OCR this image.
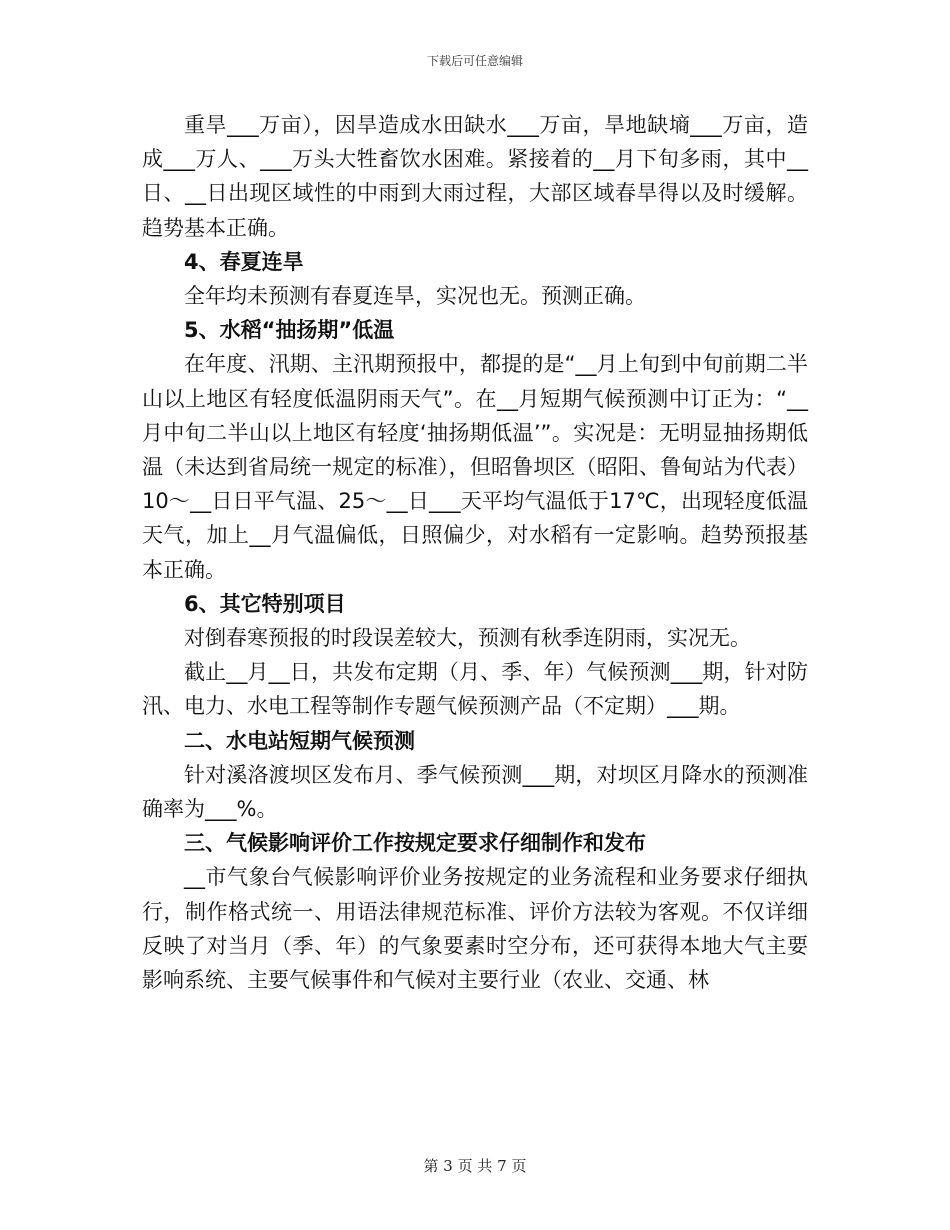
下载后可任意编辑

重旱___万亩），因旱造成水田缺水___万亩，旱地缺墒___万亩，造成___万人、___万头大牲畜饮水困难。紧接着的__月下旬多雨，其中__日、__日出现区域性的中雨到大雨过程，大部区域春旱得以及时缓解。趋势基本正确。

4、春夏连旱

全年均未预测有春夏连旱，实况也无。预测正确。

5、水稻“抽扬期”低温

在年度、汛期、主汛期预报中，都提的是“__月上旬到中旬前期二半山以上地区有轻度低温阴雨天气”。在__月短期气候预测中订正为：“__月中旬二半山以上地区有轻度‘抽扬期低温’”。实况是：无明显抽扬期低温（未达到省局统一规定的标准），但昭鲁坝区（昭阳、鲁甸站为代表）10～__日日平气温、25～__日___天平均气温低于17℃，出现轻度低温天气，加上__月气温偏低，日照偏少，对水稻有一定影响。趋势预报基本正确。

6、其它特别项目

对倒春寒预报的时段误差较大，预测有秋季连阴雨，实况无。

截止__月__日，共发布定期（月、季、年）气候预测___期，针对防汛、电力、水电工程等制作专题气候预测产品（不定期）___期。

二、水电站短期气候预测

针对溪洛渡坝区发布月、季气候预测___期，对坝区月降水的预测准确率为___%。

三、气候影响评价工作按规定要求仔细制作和发布

__市气象台气候影响评价业务按规定的业务流程和业务要求仔细执行，制作格式统一、用语法律规范标准、评价方法较为客观。不仅详细反映了对当月（季、年）的气象要素时空分布，还可获得本地大气主要影响系统、主要气候事件和气候对主要行业（农业、交通、林

第 3 页 共 7 页
